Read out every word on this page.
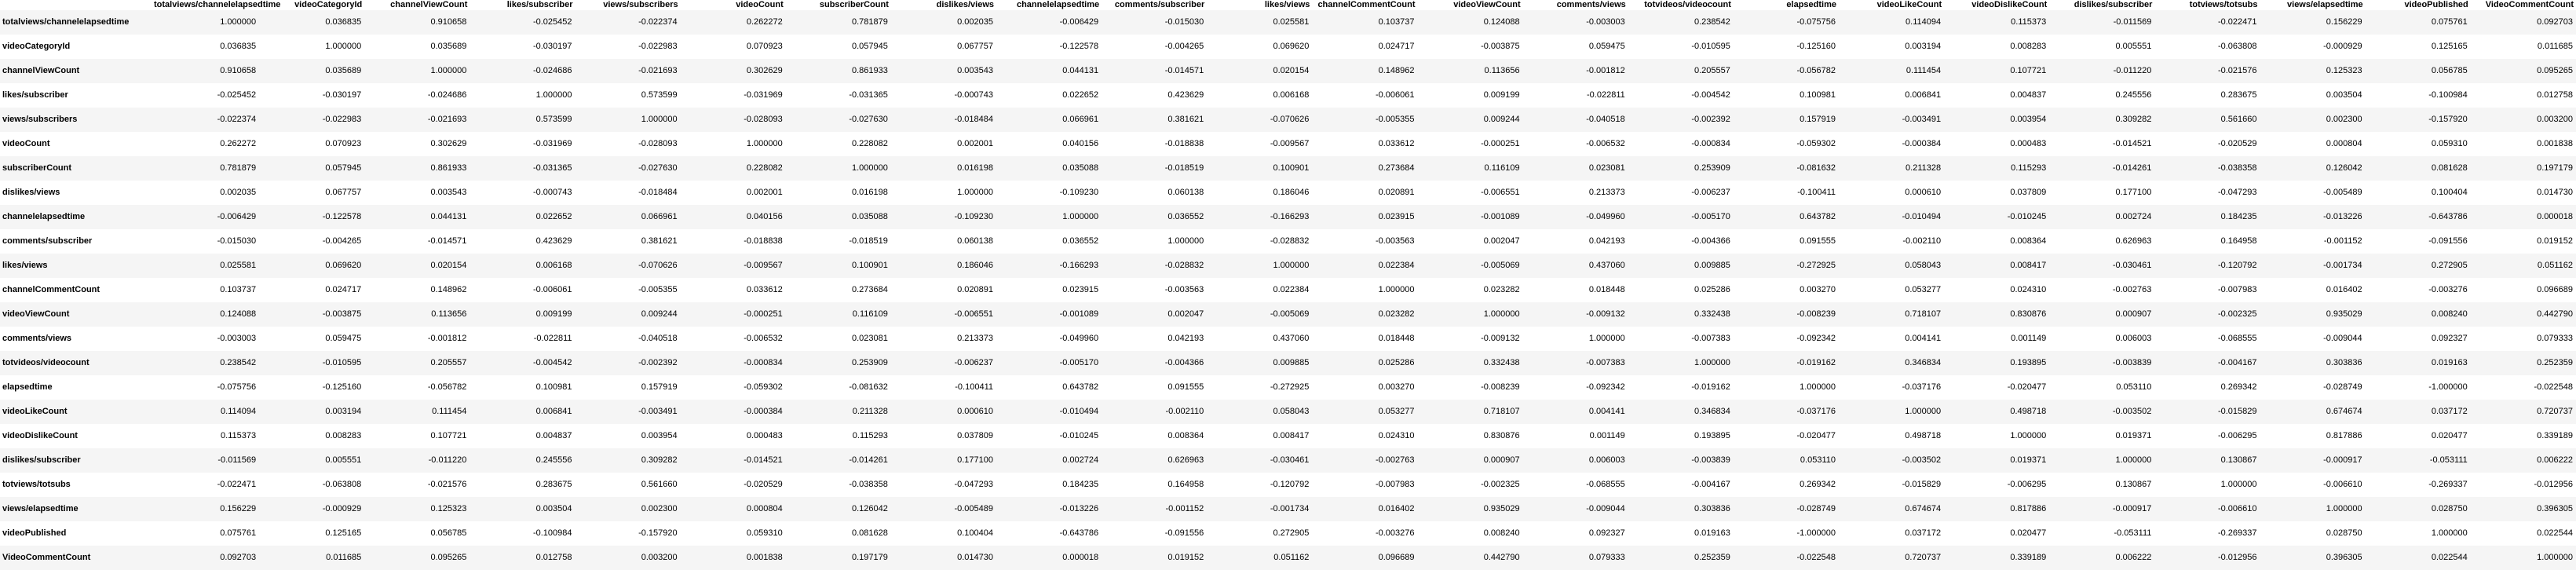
	totalviews/channelelapsedtime	videoCategoryId	channelViewCount	likes/subscriber	views/subscribers	videoCount	subscriberCount	dislikes/views	channelelapsedtime	comments/subscriber	likes/views	channelCommentCount	videoViewCount	comments/views	totvideos/videocount	elapsedtime	videoLikeCount	videoDislikeCount	dislikes/subscriber	totviews/totsubs	views/elapsedtime	videoPublished	VideoCommentCount
totalviews/channelelapsedtime	1.000000	0.036835	0.910658	-0.025452	-0.022374	0.262272	0.781879	0.002035	-0.006429	-0.015030	0.025581	0.103737	0.124088	-0.003003	0.238542	-0.075756	0.114094	0.115373	-0.011569	-0.022471	0.156229	0.075761	0.092703
videoCategoryId	0.036835	1.000000	0.035689	-0.030197	-0.022983	0.070923	0.057945	0.067757	-0.122578	-0.004265	0.069620	0.024717	-0.003875	0.059475	-0.010595	-0.125160	0.003194	0.008283	0.005551	-0.063808	-0.000929	0.125165	0.011685
channelViewCount	0.910658	0.035689	1.000000	-0.024686	-0.021693	0.302629	0.861933	0.003543	0.044131	-0.014571	0.020154	0.148962	0.113656	-0.001812	0.205557	-0.056782	0.111454	0.107721	-0.011220	-0.021576	0.125323	0.056785	0.095265
likes/subscriber	-0.025452	-0.030197	-0.024686	1.000000	0.573599	-0.031969	-0.031365	-0.000743	0.022652	0.423629	0.006168	-0.006061	0.009199	-0.022811	-0.004542	0.100981	0.006841	0.004837	0.245556	0.283675	0.003504	-0.100984	0.012758
views/subscribers	-0.022374	-0.022983	-0.021693	0.573599	1.000000	-0.028093	-0.027630	-0.018484	0.066961	0.381621	-0.070626	-0.005355	0.009244	-0.040518	-0.002392	0.157919	-0.003491	0.003954	0.309282	0.561660	0.002300	-0.157920	0.003200
videoCount	0.262272	0.070923	0.302629	-0.031969	-0.028093	1.000000	0.228082	0.002001	0.040156	-0.018838	-0.009567	0.033612	-0.000251	-0.006532	-0.000834	-0.059302	-0.000384	0.000483	-0.014521	-0.020529	0.000804	0.059310	0.001838
subscriberCount	0.781879	0.057945	0.861933	-0.031365	-0.027630	0.228082	1.000000	0.016198	0.035088	-0.018519	0.100901	0.273684	0.116109	0.023081	0.253909	-0.081632	0.211328	0.115293	-0.014261	-0.038358	0.126042	0.081628	0.197179
dislikes/views	0.002035	0.067757	0.003543	-0.000743	-0.018484	0.002001	0.016198	1.000000	-0.109230	0.060138	0.186046	0.020891	-0.006551	0.213373	-0.006237	-0.100411	0.000610	0.037809	0.177100	-0.047293	-0.005489	0.100404	0.014730
channelelapsedtime	-0.006429	-0.122578	0.044131	0.022652	0.066961	0.040156	0.035088	-0.109230	1.000000	0.036552	-0.166293	0.023915	-0.001089	-0.049960	-0.005170	0.643782	-0.010494	-0.010245	0.002724	0.184235	-0.013226	-0.643786	0.000018
comments/subscriber	-0.015030	-0.004265	-0.014571	0.423629	0.381621	-0.018838	-0.018519	0.060138	0.036552	1.000000	-0.028832	-0.003563	0.002047	0.042193	-0.004366	0.091555	-0.002110	0.008364	0.626963	0.164958	-0.001152	-0.091556	0.019152
likes/views	0.025581	0.069620	0.020154	0.006168	-0.070626	-0.009567	0.100901	0.186046	-0.166293	-0.028832	1.000000	0.022384	-0.005069	0.437060	0.009885	-0.272925	0.058043	0.008417	-0.030461	-0.120792	-0.001734	0.272905	0.051162
channelCommentCount	0.103737	0.024717	0.148962	-0.006061	-0.005355	0.033612	0.273684	0.020891	0.023915	-0.003563	0.022384	1.000000	0.023282	0.018448	0.025286	0.003270	0.053277	0.024310	-0.002763	-0.007983	0.016402	-0.003276	0.096689
videoViewCount	0.124088	-0.003875	0.113656	0.009199	0.009244	-0.000251	0.116109	-0.006551	-0.001089	0.002047	-0.005069	0.023282	1.000000	-0.009132	0.332438	-0.008239	0.718107	0.830876	0.000907	-0.002325	0.935029	0.008240	0.442790
comments/views	-0.003003	0.059475	-0.001812	-0.022811	-0.040518	-0.006532	0.023081	0.213373	-0.049960	0.042193	0.437060	0.018448	-0.009132	1.000000	-0.007383	-0.092342	0.004141	0.001149	0.006003	-0.068555	-0.009044	0.092327	0.079333
totvideos/videocount	0.238542	-0.010595	0.205557	-0.004542	-0.002392	-0.000834	0.253909	-0.006237	-0.005170	-0.004366	0.009885	0.025286	0.332438	-0.007383	1.000000	-0.019162	0.346834	0.193895	-0.003839	-0.004167	0.303836	0.019163	0.252359
elapsedtime	-0.075756	-0.125160	-0.056782	0.100981	0.157919	-0.059302	-0.081632	-0.100411	0.643782	0.091555	-0.272925	0.003270	-0.008239	-0.092342	-0.019162	1.000000	-0.037176	-0.020477	0.053110	0.269342	-0.028749	-1.000000	-0.022548
videoLikeCount	0.114094	0.003194	0.111454	0.006841	-0.003491	-0.000384	0.211328	0.000610	-0.010494	-0.002110	0.058043	0.053277	0.718107	0.004141	0.346834	-0.037176	1.000000	0.498718	-0.003502	-0.015829	0.674674	0.037172	0.720737
videoDislikeCount	0.115373	0.008283	0.107721	0.004837	0.003954	0.000483	0.115293	0.037809	-0.010245	0.008364	0.008417	0.024310	0.830876	0.001149	0.193895	-0.020477	0.498718	1.000000	0.019371	-0.006295	0.817886	0.020477	0.339189
dislikes/subscriber	-0.011569	0.005551	-0.011220	0.245556	0.309282	-0.014521	-0.014261	0.177100	0.002724	0.626963	-0.030461	-0.002763	0.000907	0.006003	-0.003839	0.053110	-0.003502	0.019371	1.000000	0.130867	-0.000917	-0.053111	0.006222
totviews/totsubs	-0.022471	-0.063808	-0.021576	0.283675	0.561660	-0.020529	-0.038358	-0.047293	0.184235	0.164958	-0.120792	-0.007983	-0.002325	-0.068555	-0.004167	0.269342	-0.015829	-0.006295	0.130867	1.000000	-0.006610	-0.269337	-0.012956
views/elapsedtime	0.156229	-0.000929	0.125323	0.003504	0.002300	0.000804	0.126042	-0.005489	-0.013226	-0.001152	-0.001734	0.016402	0.935029	-0.009044	0.303836	-0.028749	0.674674	0.817886	-0.000917	-0.006610	1.000000	0.028750	0.396305
videoPublished	0.075761	0.125165	0.056785	-0.100984	-0.157920	0.059310	0.081628	0.100404	-0.643786	-0.091556	0.272905	-0.003276	0.008240	0.092327	0.019163	-1.000000	0.037172	0.020477	-0.053111	-0.269337	0.028750	1.000000	0.022544
VideoCommentCount	0.092703	0.011685	0.095265	0.012758	0.003200	0.001838	0.197179	0.014730	0.000018	0.019152	0.051162	0.096689	0.442790	0.079333	0.252359	-0.022548	0.720737	0.339189	0.006222	-0.012956	0.396305	0.022544	1.000000
